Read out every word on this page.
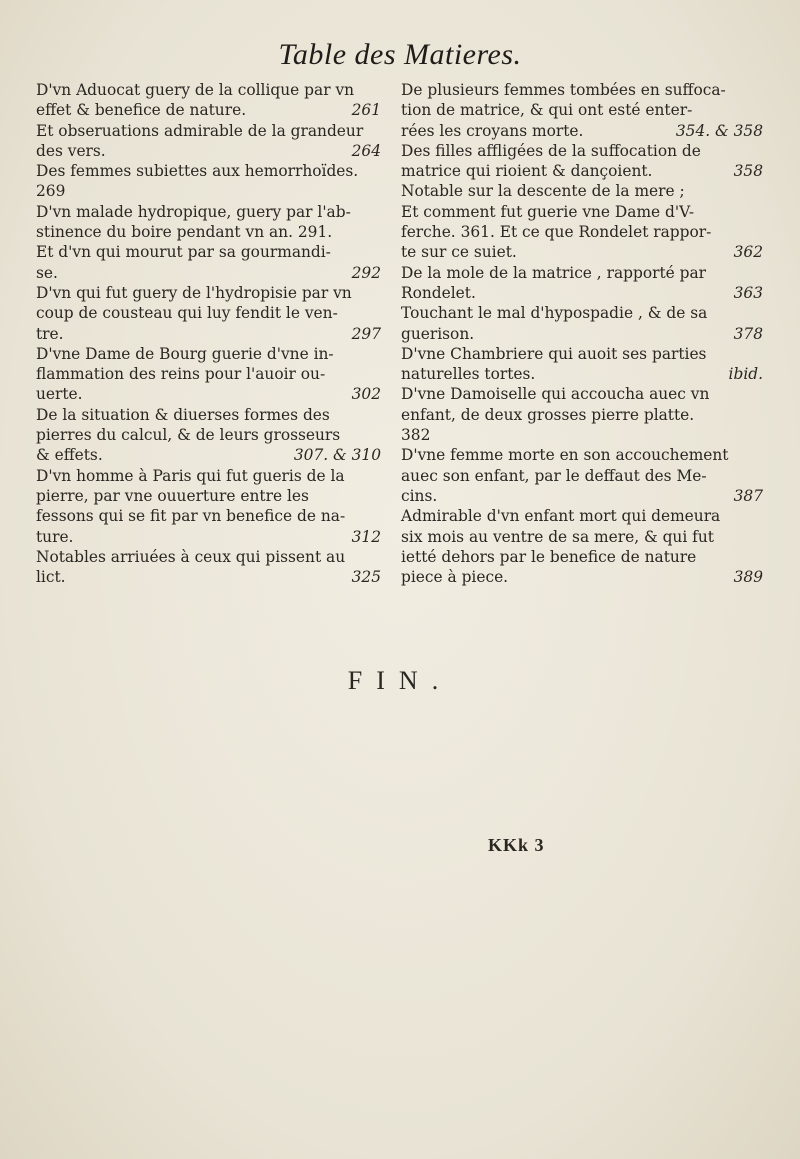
Table des Matieres.

D'vn Aduocat guery de la collique par vn
261
effet & benefice de nature.

Et obseruations admirable de la grandeur
264
des vers.

Des femmes subiettes aux hemorrhoïdes.
269

D'vn malade hydropique, guery par l'ab-
stinence du boire pendant vn an. 291.
Et d'vn qui mourut par sa gourmandi-
292
se.

D'vn qui fut guery de l'hydropisie par vn
coup de cousteau qui luy fendit le ven-
297
tre.

D'vne Dame de Bourg guerie d'vne in-
flammation des reins pour l'auoir ou-
302
uerte.

De la situation & diuerses formes des
pierres du calcul, & de leurs grosseurs
307. & 310
& effets.

D'vn homme à Paris qui fut gueris de la
pierre, par vne ouuerture entre les
fessons qui se fit par vn benefice de na-
312
ture.

Notables arriuées à ceux qui pissent au
325
lict.

De plusieurs femmes tombées en suffoca-
tion de matrice, & qui ont esté enter-
354. & 358
rées les croyans morte.

Des filles affligées de la suffocation de
358
matrice qui rioient & dançoient.

Notable sur la descente de la mere ;
Et comment fut guerie vne Dame d'V-
ferche. 361. Et ce que Rondelet rappor-
362
te sur ce suiet.

De la mole de la matrice , rapporté par
363
Rondelet.

Touchant le mal d'hypospadie , & de sa
378
guerison.

D'vne Chambriere qui auoit ses parties
ibid.
naturelles tortes.

D'vne Damoiselle qui accoucha auec vn
enfant, de deux grosses pierre platte.
382

D'vne femme morte en son accouchement
auec son enfant, par le deffaut des Me-
387
cins.

Admirable d'vn enfant mort qui demeura
six mois au ventre de sa mere, & qui fut
ietté dehors par le benefice de nature
389
piece à piece.

FIN.
KKk 3
